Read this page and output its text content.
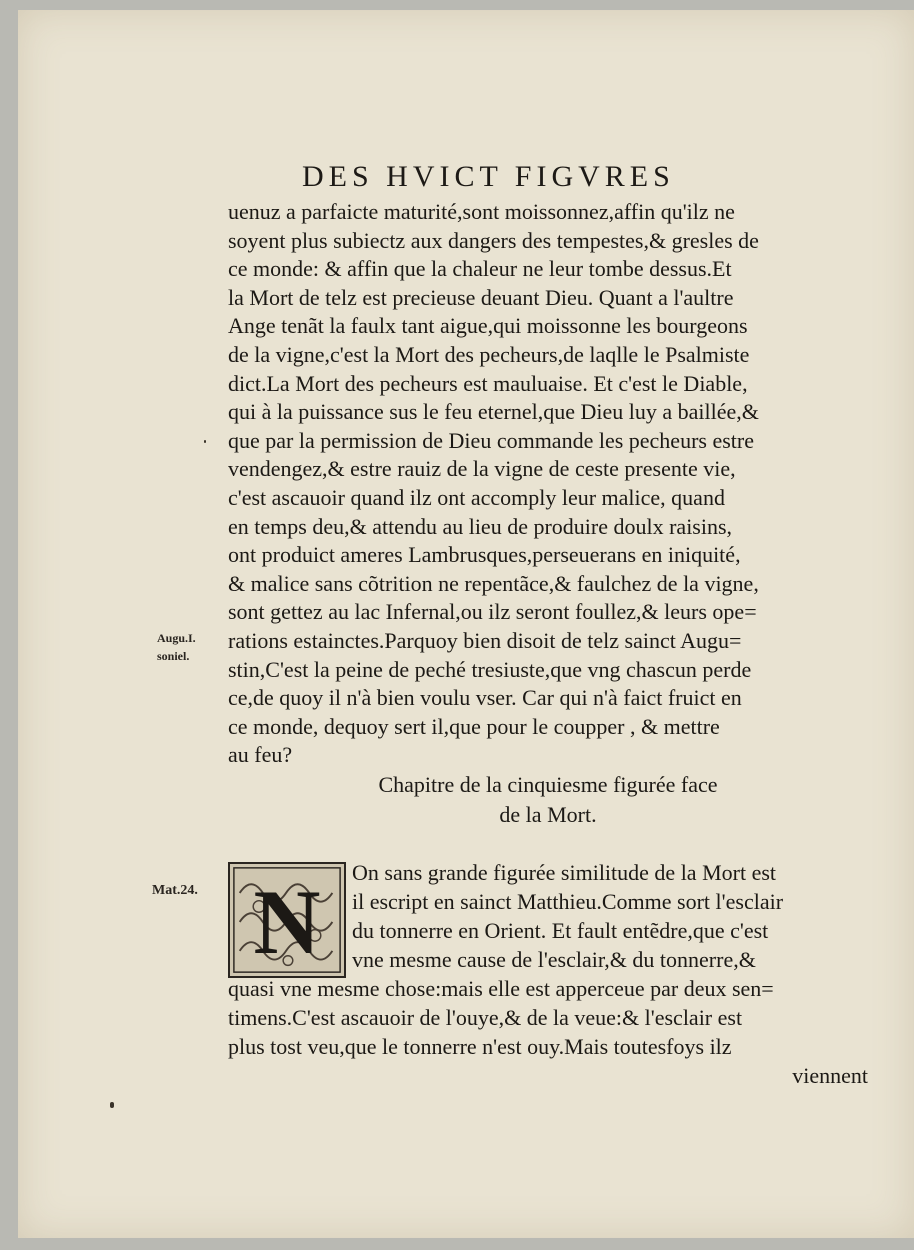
DES HVICT FIGVRES
uenuz a parfaicte maturité,sont moissonnez,affin qu'ilz ne
soyent plus subiectz aux dangers des tempestes,& gresles de
ce monde: & affin que la chaleur ne leur tombe dessus.Et
la Mort de telz est precieuse deuant Dieu. Quant a l'aultre
Ange tenãt la faulx tant aigue,qui moissonne les bourgeons
de la vigne,c'est la Mort des pecheurs,de laqlle le Psalmiste
dict.La Mort des pecheurs est mauluaise. Et c'est le Diable,
qui à la puissance sus le feu eternel,que Dieu luy a baillée,&
que par la permission de Dieu commande les pecheurs estre
vendengez,& estre rauiz de la vigne de ceste presente vie,
c'est ascauoir quand ilz ont accomply leur malice, quand
en temps deu,& attendu au lieu de produire doulx raisins,
ont produict ameres Lambrusques,perseuerans en iniquité,
& malice sans cõtrition ne repentãce,& faulchez de la vigne,
sont gettez au lac Infernal,ou ilz seront foullez,& leurs ope=
rations estainctes.Parquoy bien disoit de telz sainct Augu=
stin,C'est la peine de peché tresiuste,que vng chascun perde
ce,de quoy il n'à bien voulu vser. Car qui n'à faict fruict en
ce monde, dequoy sert il,que pour le coupper , & mettre
au feu?
Augu.I.
soniel.
Mat.24.
Chapitre de la cinquiesme figurée face
de la Mort.
N	On sans grande figurée similitude de la Mort est
il escript en sainct Matthieu.Comme sort l'esclair
du tonnerre en Orient. Et fault entẽdre,que c'est
vne mesme cause de l'esclair,& du tonnerre,&
quasi vne mesme chose:mais elle est apperceue par deux sen=
timens.C'est ascauoir de l'ouye,& de la veue:& l'esclair est
plus tost veu,que le tonnerre n'est ouy.Mais toutesfoys ilz
viennent
